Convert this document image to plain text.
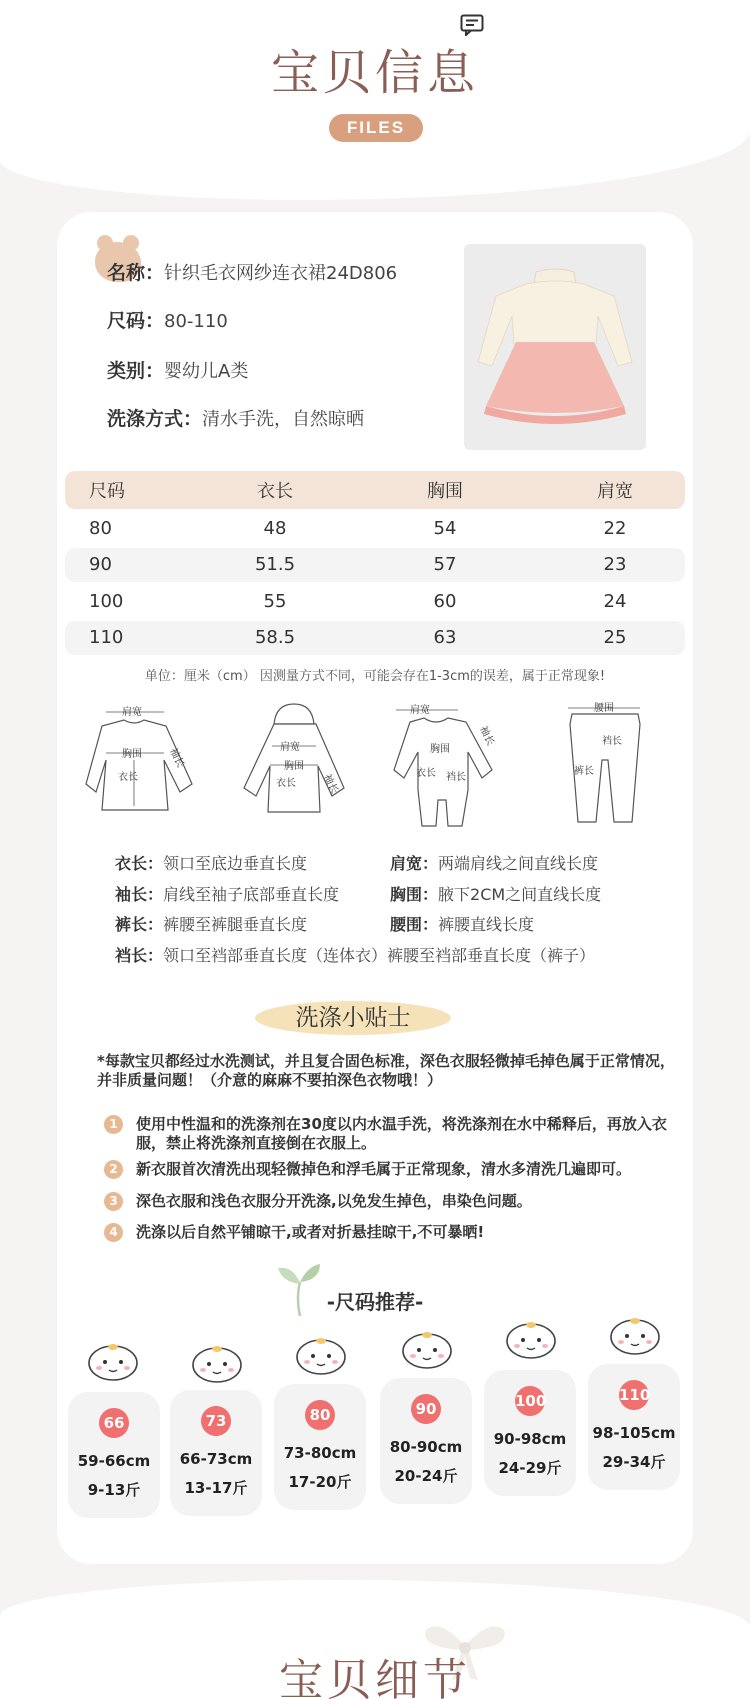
宝贝信息
FILES
名称：针织毛衣网纱连衣裙24D806
尺码：80-110
类别：婴幼儿A类
洗涤方式：清水手洗，自然晾晒
尺码	衣长	胸围	肩宽
80	48	54	22
90	51.5	57	23
100	55	60	24
110	58.5	63	25
单位：厘米（cm） 因测量方式不同，可能会存在1-3cm的误差，属于正常现象!
肩宽
胸围
衣长
袖长	肩宽
胸围
衣长	袖长
肩宽
胸围
衣长 裆长
袖长
腰围
裆长
裤长
衣长：领口至底边垂直长度	肩宽：两端肩线之间直线长度
袖长：肩线至袖子底部垂直长度	胸围：腋下2CM之间直线长度
裤长：裤腰至裤腿垂直长度	腰围：裤腰直线长度
裆长：领口至裆部垂直长度（连体衣）裤腰至裆部垂直长度（裤子）
洗涤小贴士
*每款宝贝都经过水洗测试，并且复合固色标准，深色衣服轻微掉毛掉色属于正常情况，并非质量问题！（介意的麻麻不要拍深色衣物哦！）
1	使用中性温和的洗涤剂在30度以内水温手洗，将洗涤剂在水中稀释后，再放入衣服，禁止将洗涤剂直接倒在衣服上。
2	新衣服首次清洗出现轻微掉色和浮毛属于正常现象，清水多清洗几遍即可。
3	深色衣服和浅色衣服分开洗涤,以免发生掉色，串染色问题。
4	洗涤以后自然平铺晾干,或者对折悬挂晾干,不可暴晒!
-尺码推荐-
66
59-66cm
9-13斤
73
66-73cm
13-17斤
80
73-80cm
17-20斤
90
80-90cm
20-24斤
100
90-98cm
24-29斤
110
98-105cm
29-34斤
宝贝细节
